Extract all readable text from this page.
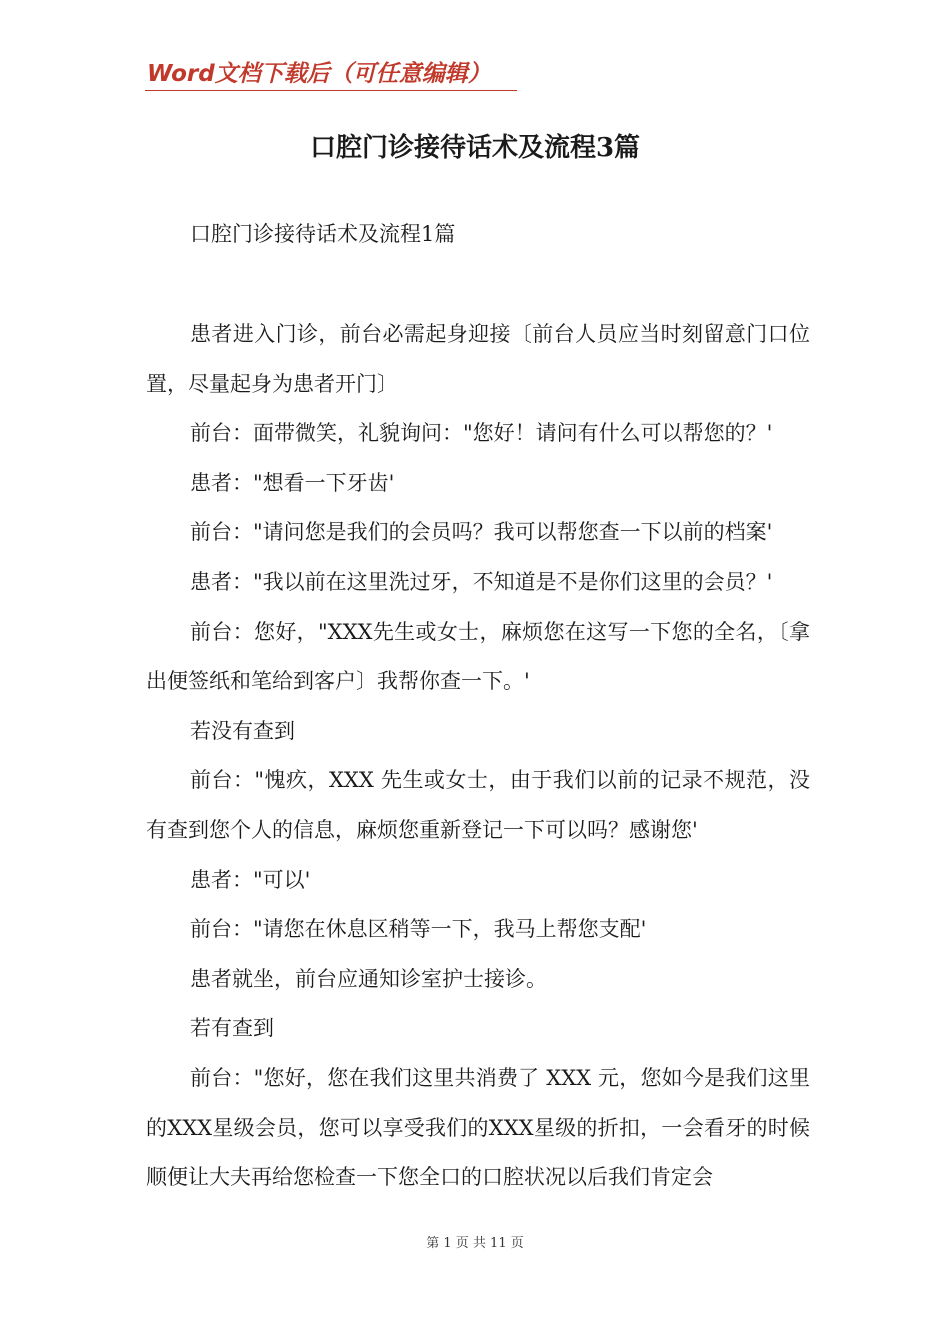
Word文档下载后（可任意编辑）
口腔门诊接待话术及流程3篇
口腔门诊接待话术及流程1篇

患者进入门诊，前台必需起身迎接〔前台人员应当时刻留意门口位置，尽量起身为患者开门〕

前台：面带微笑，礼貌询问："您好！请问有什么可以帮您的？'

患者："想看一下牙齿'

前台："请问您是我们的会员吗？我可以帮您查一下以前的档案'

患者："我以前在这里洗过牙，不知道是不是你们这里的会员？'

前台：您好，"XXX先生或女士，麻烦您在这写一下您的全名，〔拿出便签纸和笔给到客户〕我帮你查一下。'

若没有查到

前台："愧疚，XXX 先生或女士，由于我们以前的记录不规范，没有查到您个人的信息，麻烦您重新登记一下可以吗？感谢您'

患者："可以'

前台："请您在休息区稍等一下，我马上帮您支配'

患者就坐，前台应通知诊室护士接诊。

若有查到

前台："您好，您在我们这里共消费了 XXX 元，您如今是我们这里的XXX星级会员，您可以享受我们的XXX星级的折扣，一会看牙的时候顺便让大夫再给您检查一下您全口的口腔状况以后我们肯定会

第 1 页 共 11 页
